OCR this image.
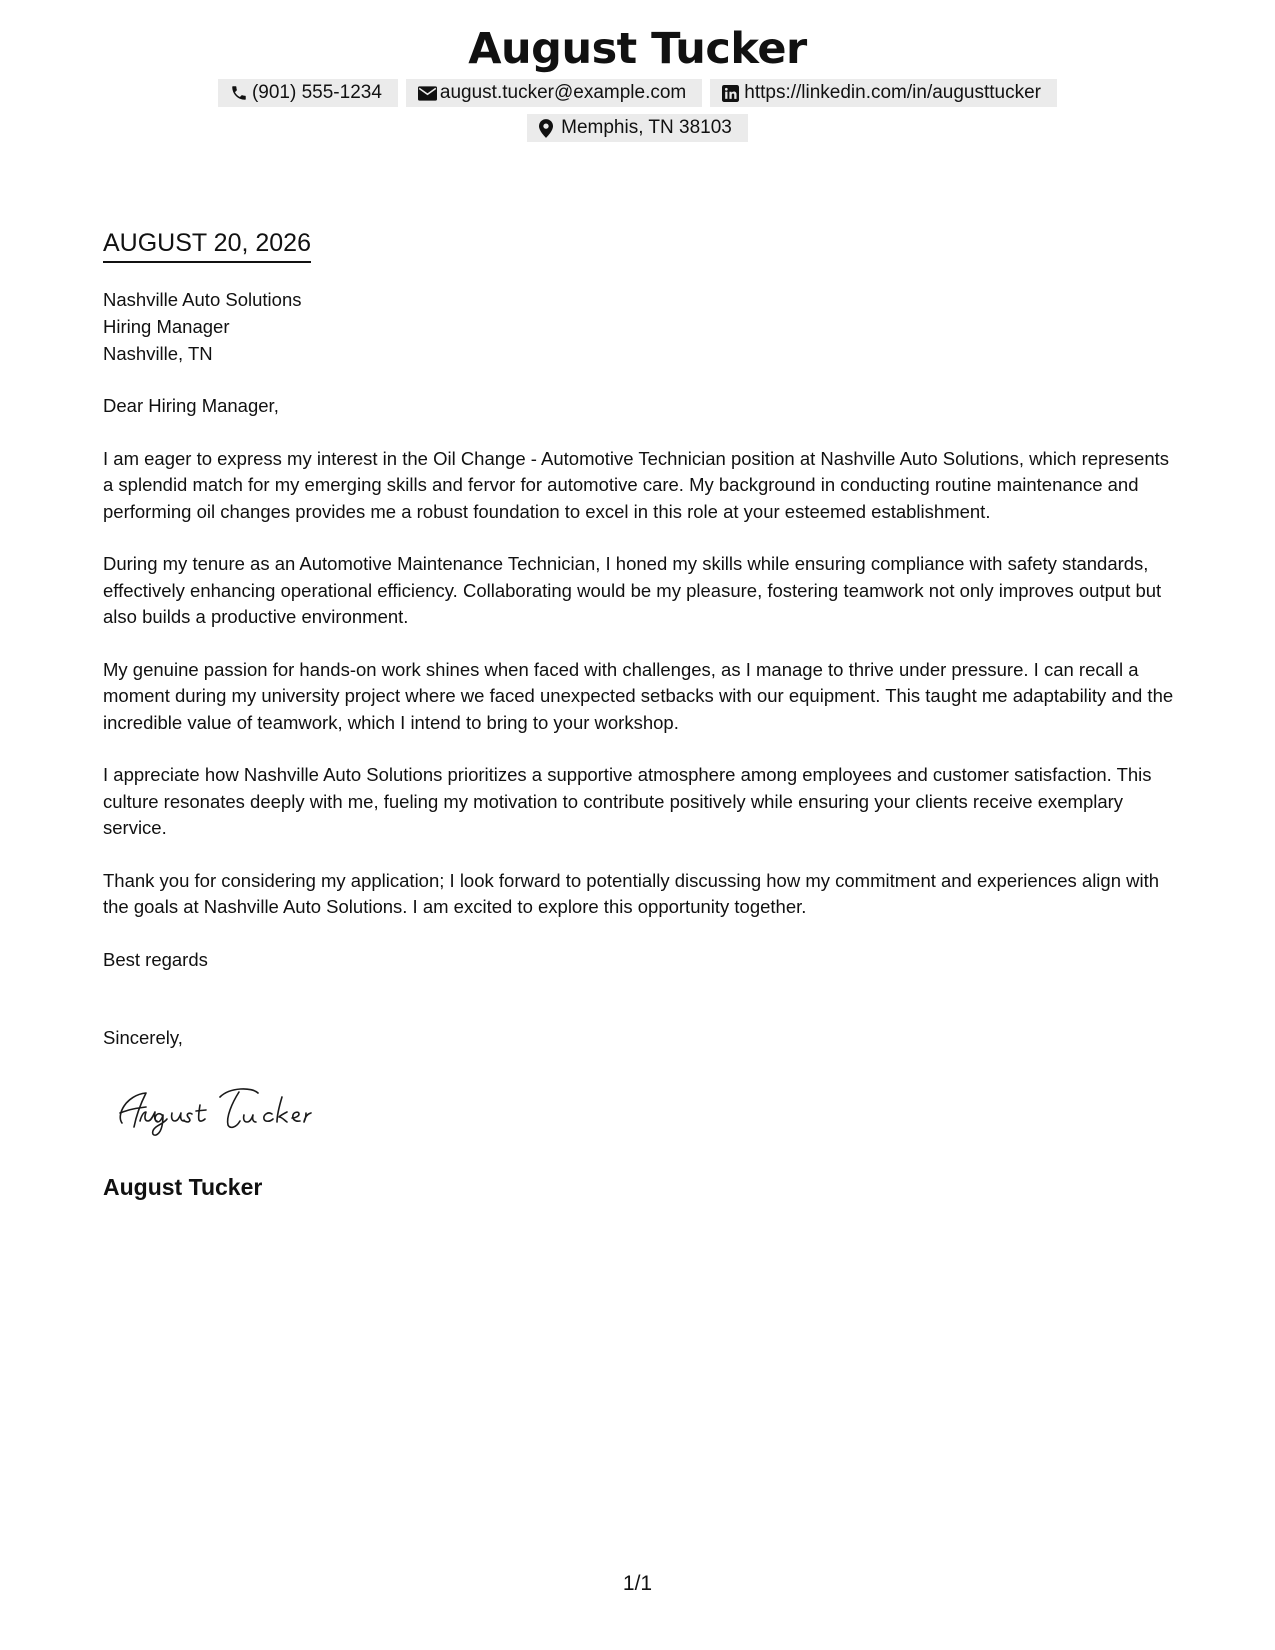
August Tucker
(901) 555-1234	august.tucker@example.com	https://linkedin.com/in/augusttucker
Memphis, TN 38103
AUGUST 20, 2026
Nashville Auto Solutions
Hiring Manager
Nashville, TN

Dear Hiring Manager,

I am eager to express my interest in the Oil Change - Automotive Technician position at Nashville Auto Solutions, which represents a splendid match for my emerging skills and fervor for automotive care. My background in conducting routine maintenance and performing oil changes provides me a robust foundation to excel in this role at your esteemed establishment.

During my tenure as an Automotive Maintenance Technician, I honed my skills while ensuring compliance with safety standards, effectively enhancing operational efficiency. Collaborating would be my pleasure, fostering teamwork not only improves output but also builds a productive environment.

My genuine passion for hands-on work shines when faced with challenges, as I manage to thrive under pressure. I can recall a moment during my university project where we faced unexpected setbacks with our equipment. This taught me adaptability and the incredible value of teamwork, which I intend to bring to your workshop.

I appreciate how Nashville Auto Solutions prioritizes a supportive atmosphere among employees and customer satisfaction. This culture resonates deeply with me, fueling my motivation to contribute positively while ensuring your clients receive exemplary service.

Thank you for considering my application; I look forward to potentially discussing how my commitment and experiences align with the goals at Nashville Auto Solutions. I am excited to explore this opportunity together.

Best regards

Sincerely,

August Tucker
1/1
